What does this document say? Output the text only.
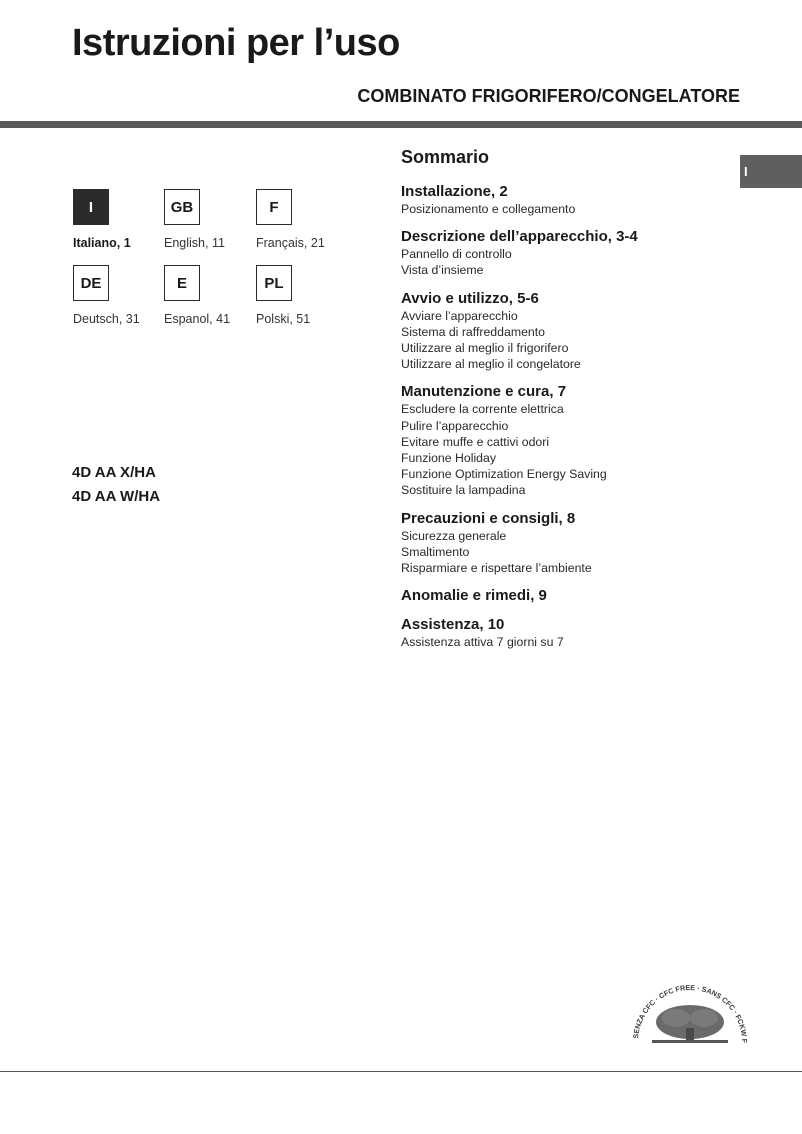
Istruzioni per l’uso
COMBINATO FRIGORIFERO/CONGELATORE
I
I
Italiano, 1
GB
English, 11
F
Français, 21
DE
Deutsch, 31
E
Espanol, 41
PL
Polski, 51
4D AA X/HA
4D AA W/HA
Sommario
Installazione, 2
Posizionamento e collegamento
Descrizione dell’apparecchio, 3-4
Pannello di controllo
Vista d’insieme
Avvio e utilizzo, 5-6
Avviare l’apparecchio
Sistema di raffreddamento
Utilizzare al meglio il frigorifero
Utilizzare al meglio il congelatore
Manutenzione e cura, 7
Escludere la corrente elettrica
Pulire l’apparecchio
Evitare muffe e cattivi odori
Funzione Holiday
Funzione Optimization Energy Saving
Sostituire la lampadina
Precauzioni e consigli, 8
Sicurezza generale
Smaltimento
Risparmiare e rispettare l’ambiente
Anomalie e rimedi, 9
Assistenza, 10
Assistenza attiva 7 giorni su 7
SENZA CFC · CFC FREE · SANS CFC · FCKW F
